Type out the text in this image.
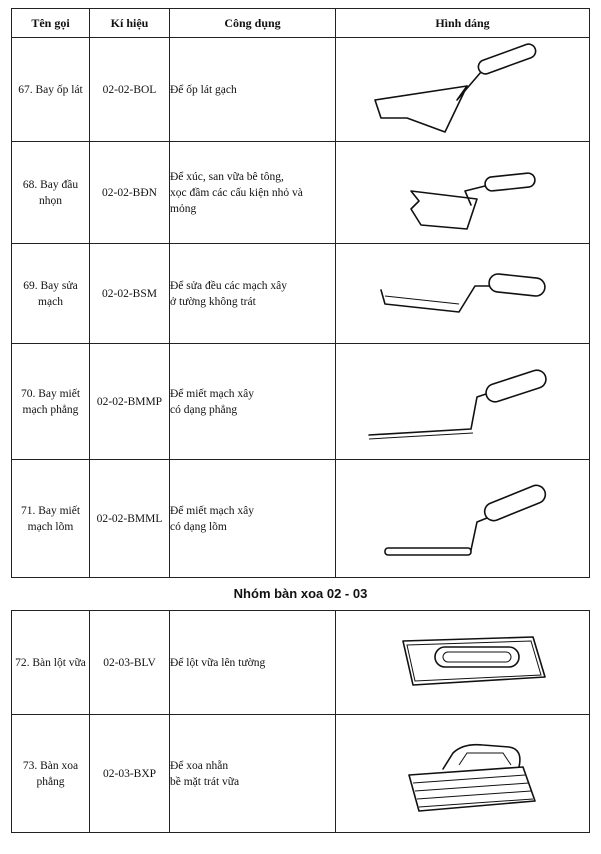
Tên gọi	Kí hiệu	Công dụng	Hình dáng
67. Bay ốp lát	02-02-BOL	Để ốp lát gạch	

68. Bay đầu nhọn	02-02-BĐN	Để xúc, san vữa bê tông,
xọc đầm các cấu kiện nhỏ và
mỏng	

69. Bay sửa mạch	02-02-BSM	Để sửa đều các mạch xây
ở tường không trát	

70. Bay miết mạch phẳng	02-02-BMMP	Để miết mạch xây
có dạng phẳng	

71. Bay miết mạch lõm	02-02-BMML	Để miết mạch xây
có dạng lõm	
Nhóm bàn xoa 02 - 03
72. Bàn lột vữa	02-03-BLV	Để lột vữa lên tường	

73. Bàn xoa phẳng	02-03-BXP	Để xoa nhẵn
bề mặt trát vữa	
